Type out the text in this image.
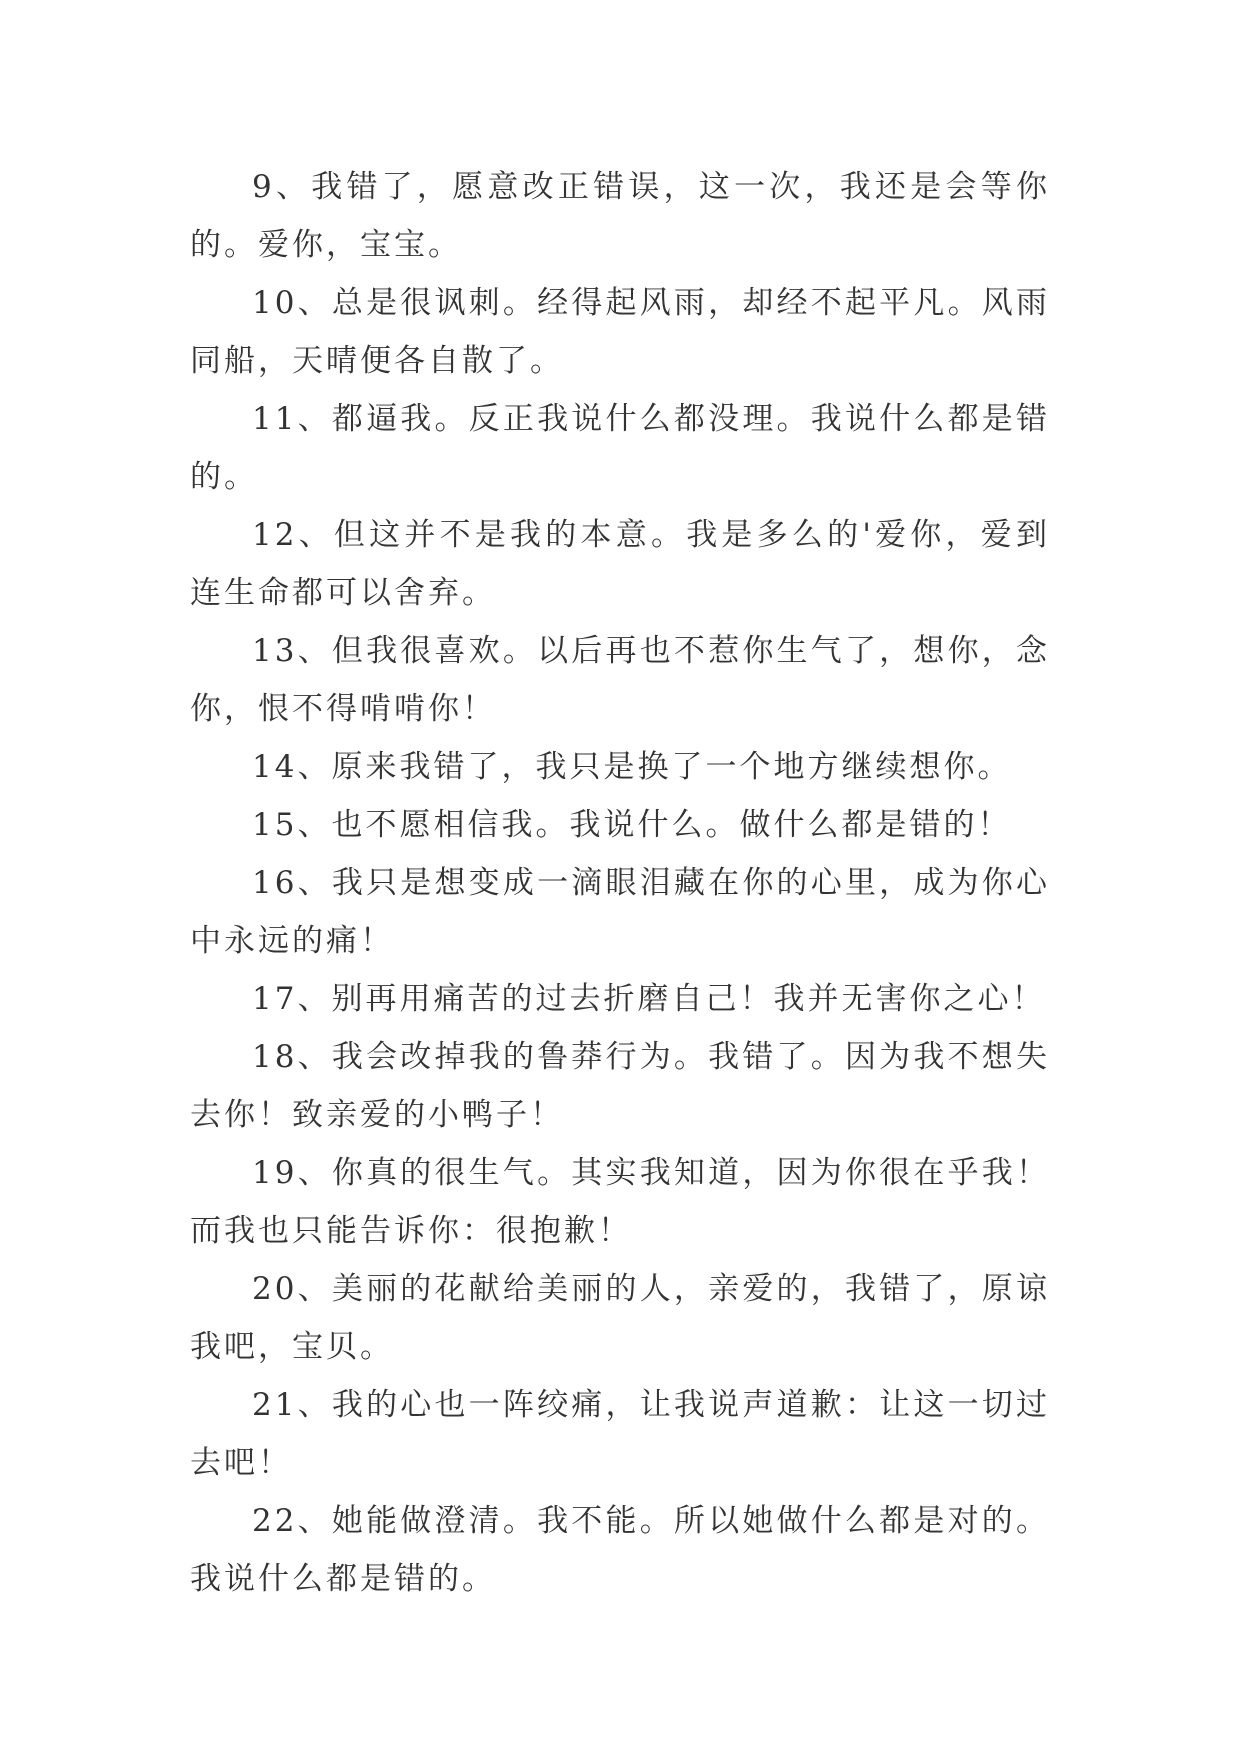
9、我错了，愿意改正错误，这一次，我还是会等你的。爱你，宝宝。

10、总是很讽刺。经得起风雨，却经不起平凡。风雨同船，天晴便各自散了。

11、都逼我。反正我说什么都没理。我说什么都是错的。

12、但这并不是我的本意。我是多么的'爱你，爱到连生命都可以舍弃。

13、但我很喜欢。以后再也不惹你生气了，想你，念你，恨不得啃啃你！

14、原来我错了，我只是换了一个地方继续想你。

15、也不愿相信我。我说什么。做什么都是错的！

16、我只是想变成一滴眼泪藏在你的心里，成为你心中永远的痛！

17、别再用痛苦的过去折磨自己！我并无害你之心！

18、我会改掉我的鲁莽行为。我错了。因为我不想失去你！致亲爱的小鸭子！

19、你真的很生气。其实我知道，因为你很在乎我！而我也只能告诉你：很抱歉！

20、美丽的花献给美丽的人，亲爱的，我错了，原谅我吧，宝贝。

21、我的心也一阵绞痛，让我说声道歉：让这一切过去吧！

22、她能做澄清。我不能。所以她做什么都是对的。我说什么都是错的。
